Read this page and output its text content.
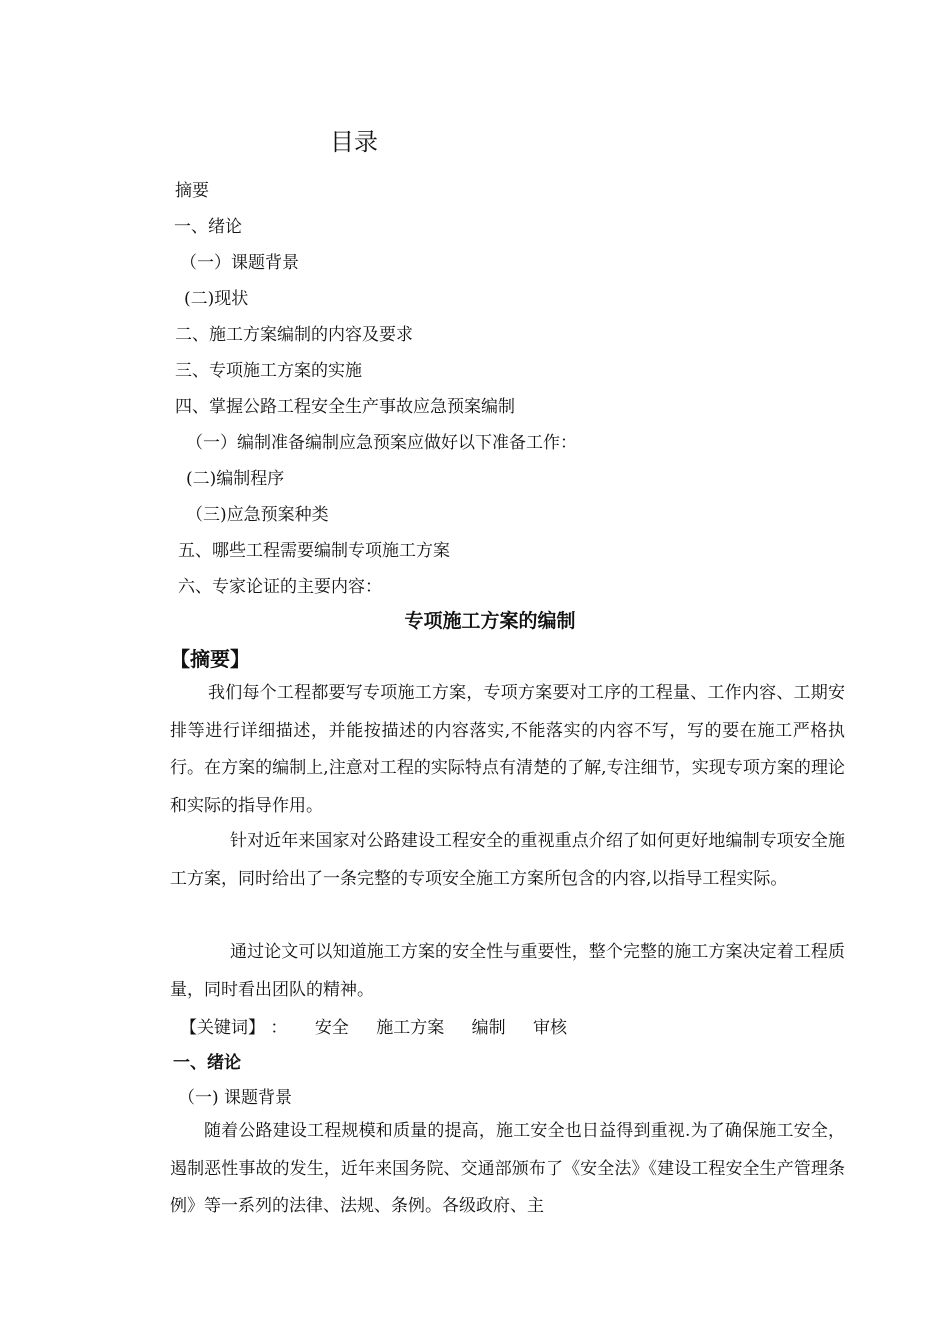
目录
摘要
一、绪论
（一）课题背景
(二)现状
二、施工方案编制的内容及要求
三、专项施工方案的实施
四、掌握公路工程安全生产事故应急预案编制
（一）编制准备编制应急预案应做好以下准备工作：
(二)编制程序
（三)应急预案种类
五、哪些工程需要编制专项施工方案
六、专家论证的主要内容：
专项施工方案的编制
【摘要】
我们每个工程都要写专项施工方案，专项方案要对工序的工程量、工作内容、工期安排等进行详细描述，并能按描述的内容落实,不能落实的内容不写，写的要在施工严格执行。在方案的编制上,注意对工程的实际特点有清楚的了解,专注细节，实现专项方案的理论和实际的指导作用。
针对近年来国家对公路建设工程安全的重视重点介绍了如何更好地编制专项安全施工方案，同时给出了一条完整的专项安全施工方案所包含的内容,以指导工程实际。
通过论文可以知道施工方案的安全性与重要性，整个完整的施工方案决定着工程质量，同时看出团队的精神。
【关键词】 ： 安全 施工方案 编制 审核
一、绪论
（一) 课题背景
随着公路建设工程规模和质量的提高，施工安全也日益得到重视.为了确保施工安全，遏制恶性事故的发生，近年来国务院、交通部颁布了《安全法》《建设工程安全生产管理条例》等一系列的法律、法规、条例。各级政府、主
